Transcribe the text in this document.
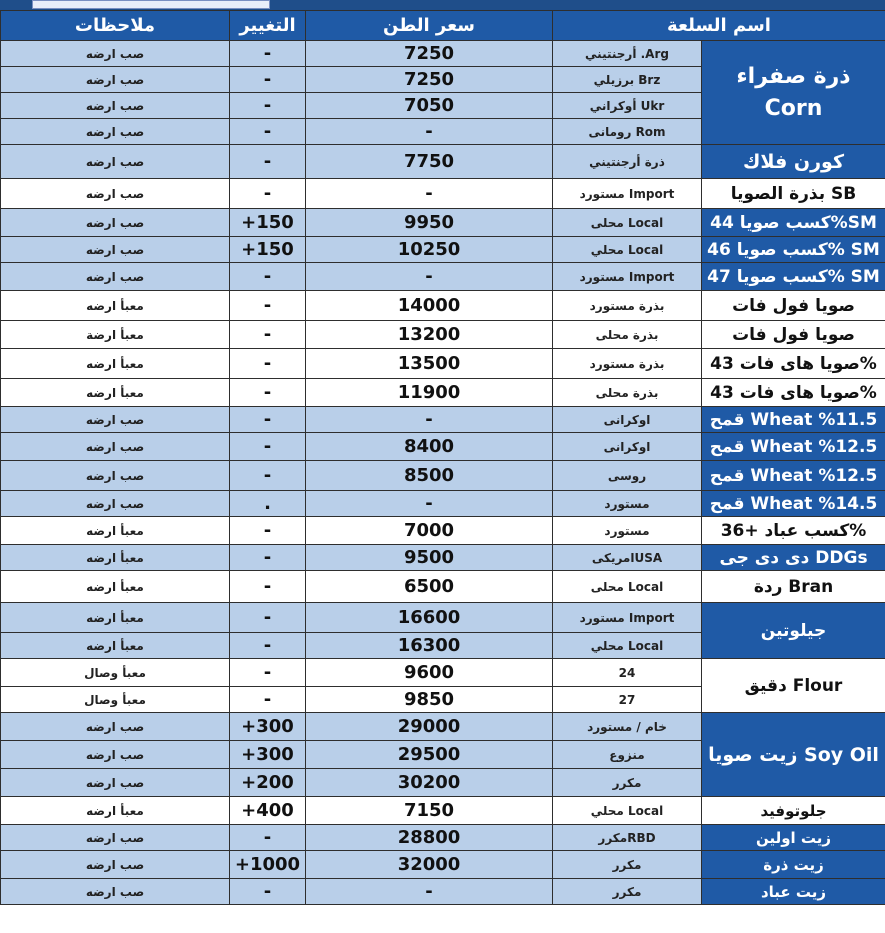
ملاحظات	التغيير	سعر الطن	اسم السلعة	
صب ارضه	-	7250	أرجنتيني .Arg	ذرة صفراء Corn
صب ارضه	-	7250	برزيلي Brz	
صب ارضه	-	7050	أوكراني Ukr	
صب ارضه	-	-	رومانى Rom	
صب ارضه	-	7750	ذرة أرجنتيني	كورن فلاك
صب ارضه	-	-	مستورد Import	بذرة الصويا SB
صب ارضه	+150	9950	محلى Local	كسب صويا 44%SM
صب ارضه	+150	10250	محلي Local	كسب صويا 46% SM
صب ارضه	-	-	مستورد Import	كسب صويا 47% SM
معبأ ارضه	-	14000	بذرة مستورد	صويا فول فات
معبأ ارضة	-	13200	بذرة محلى	صويا فول فات
معبأ ارضه	-	13500	بذرة مستورد	صويا هاى فات 43%
معبأ ارضه	-	11900	بذرة محلى	صويا هاى فات 43%
صب ارضه	-	-	اوكرانى	قمح Wheat %11.5
صب ارضه	-	8400	اوكرانى	قمح Wheat %12.5
صب ارضه	-	8500	روسى	قمح Wheat %12.5
صب ارضه	.	-	مستورد	قمح Wheat %14.5
معبأ ارضه	-	7000	مستورد	كسب عباد +36%
معبأ ارضه	-	9500	امريكىUSA	دى دى جى DDGs
معبأ ارضه	-	6500	محلى Local	ردة Bran
معبأ ارضه	-	16600	مستورد Import	جيلوتين
معبأ ارضه	-	16300	محلي Local	
معبأ وصال	-	9600	24	دقيق Flour
معبأ وصال	-	9850	27	
صب ارضه	+300	29000	خام / مستورد	زيت صويا Soy Oil
صب ارضه	+300	29500	منزوع	
صب ارضه	+200	30200	مكرر	
معبأ ارضه	+400	7150	محلي Local	جلوتوفيد
صب ارضه	-	28800	مكررRBD	زيت اولين
صب ارضه	+1000	32000	مكرر	زيت ذرة
صب ارضه	-	-	مكرر	زيت عباد
